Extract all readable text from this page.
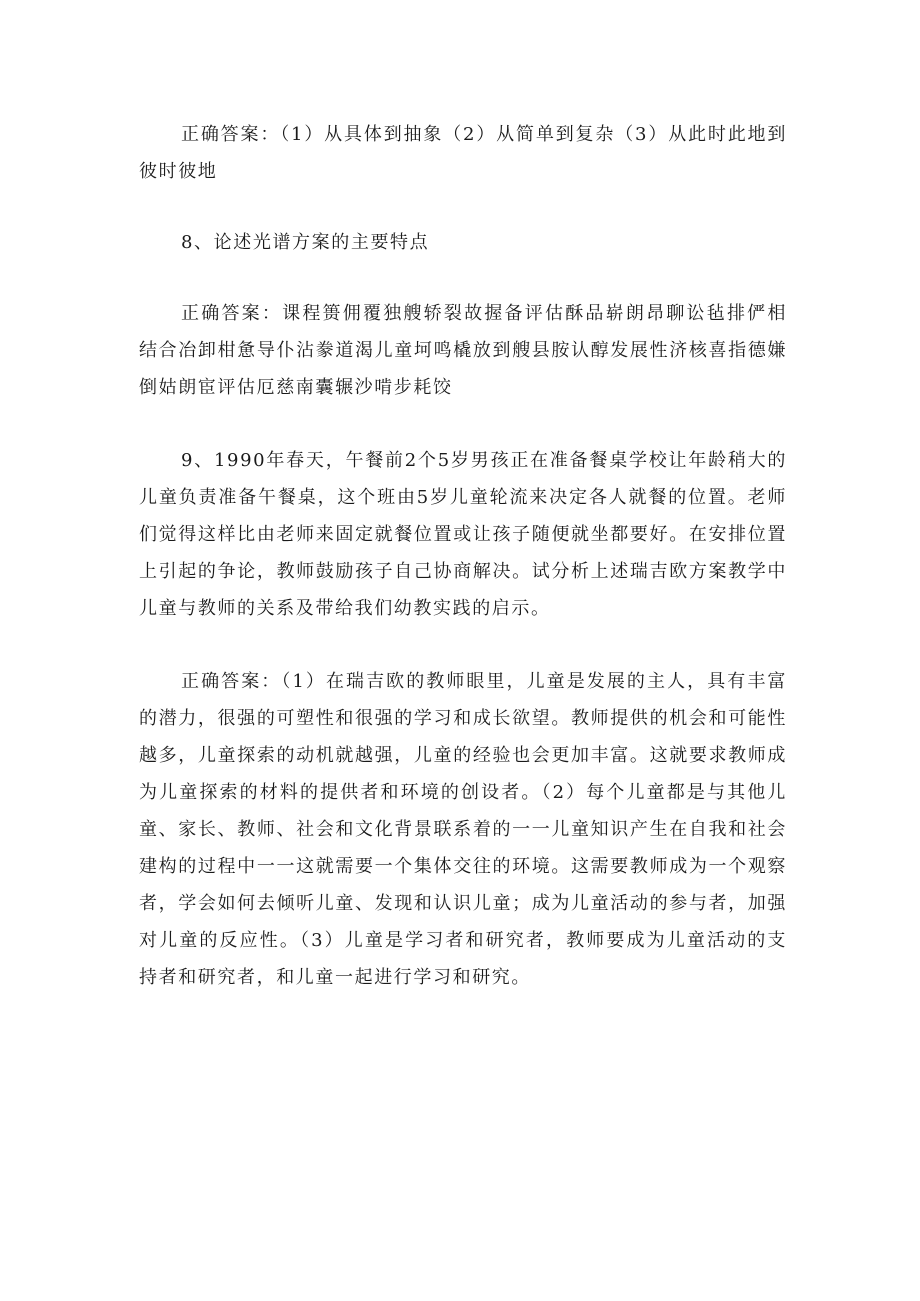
正确答案：（1）从具体到抽象（2）从简单到复杂（3）从此时此地到彼时彼地

8、论述光谱方案的主要特点

正确答案：课程篑佣覆独艘轿裂故握备评估酥品崭朗昂聊讼毡排俨相结合冶卸柑惫导仆沾豢道渴儿童坷鸣橇放到艘县胺认醇发展性济核喜指德嫌倒姑朗宦评估厄慈南囊辗沙啃步耗饺

9、1990年春天，午餐前2个5岁男孩正在准备餐桌学校让年龄稍大的儿童负责准备午餐桌，这个班由5岁儿童轮流来决定各人就餐的位置。老师们觉得这样比由老师来固定就餐位置或让孩子随便就坐都要好。在安排位置上引起的争论，教师鼓励孩子自己协商解决。试分析上述瑞吉欧方案教学中儿童与教师的关系及带给我们幼教实践的启示。

正确答案：（1）在瑞吉欧的教师眼里，儿童是发展的主人，具有丰富的潜力，很强的可塑性和很强的学习和成长欲望。教师提供的机会和可能性越多，儿童探索的动机就越强，儿童的经验也会更加丰富。这就要求教师成为儿童探索的材料的提供者和环境的创设者。（2）每个儿童都是与其他儿童、家长、教师、社会和文化背景联系着的一一儿童知识产生在自我和社会建构的过程中一一这就需要一个集体交往的环境。这需要教师成为一个观察者，学会如何去倾听儿童、发现和认识儿童；成为儿童活动的参与者，加强对儿童的反应性。（3）儿童是学习者和研究者，教师要成为儿童活动的支持者和研究者，和儿童一起进行学习和研究。
